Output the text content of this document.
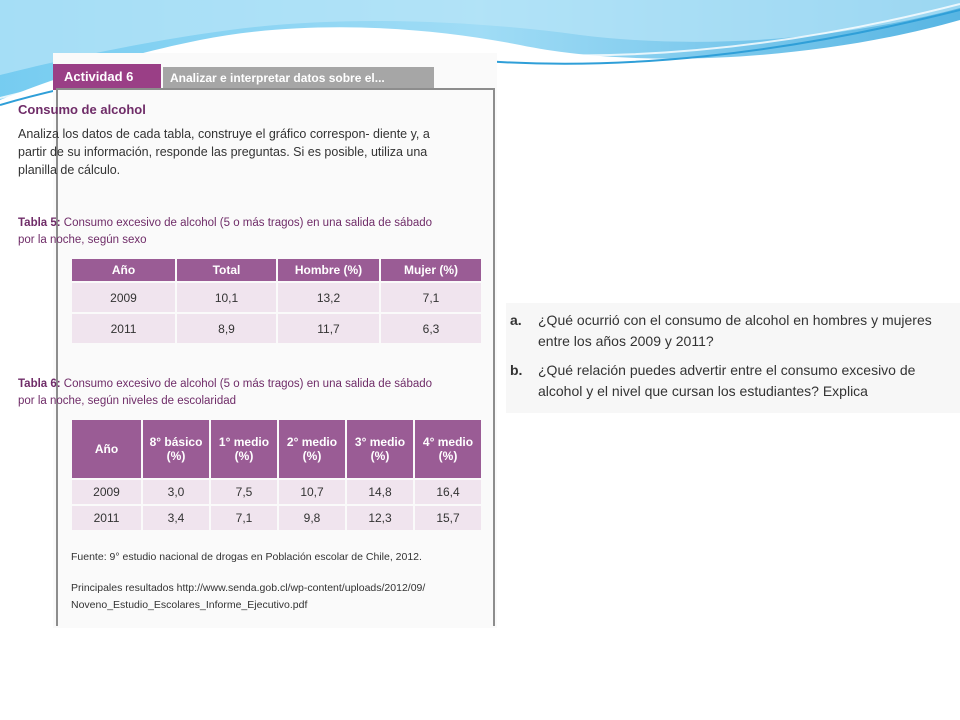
Actividad 6	Analizar e interpretar datos sobre el...
Consumo de alcohol
Analiza los datos de cada tabla, construye el gráfico correspon- diente y, a partir de su información, responde las preguntas. Si es posible, utiliza una planilla de cálculo.
Tabla 5: Consumo excesivo de alcohol (5 o más tragos) en una salida de sábado por la noche, según sexo
Año	Total	Hombre (%)	Mujer (%)
2009	10,1	13,2	7,1
2011	8,9	11,7	6,3
Tabla 6: Consumo excesivo de alcohol (5 o más tragos) en una salida de sábado por la noche, según niveles de escolaridad
Año	8° básico (%)	1° medio (%)	2° medio (%)	3° medio (%)	4° medio (%)
2009	3,0	7,5	10,7	14,8	16,4
2011	3,4	7,1	9,8	12,3	15,7
Fuente: 9° estudio nacional de drogas en Población escolar de Chile, 2012.
Principales resultados http://www.senda.gob.cl/wp-content/uploads/2012/09/ Noveno_Estudio_Escolares_Informe_Ejecutivo.pdf
a. ¿Qué ocurrió con el consumo de alcohol en hombres y mujeres entre los años 2009 y 2011?
b. ¿Qué relación puedes advertir entre el consumo excesivo de alcohol y el nivel que cursan los estudiantes? Explica
